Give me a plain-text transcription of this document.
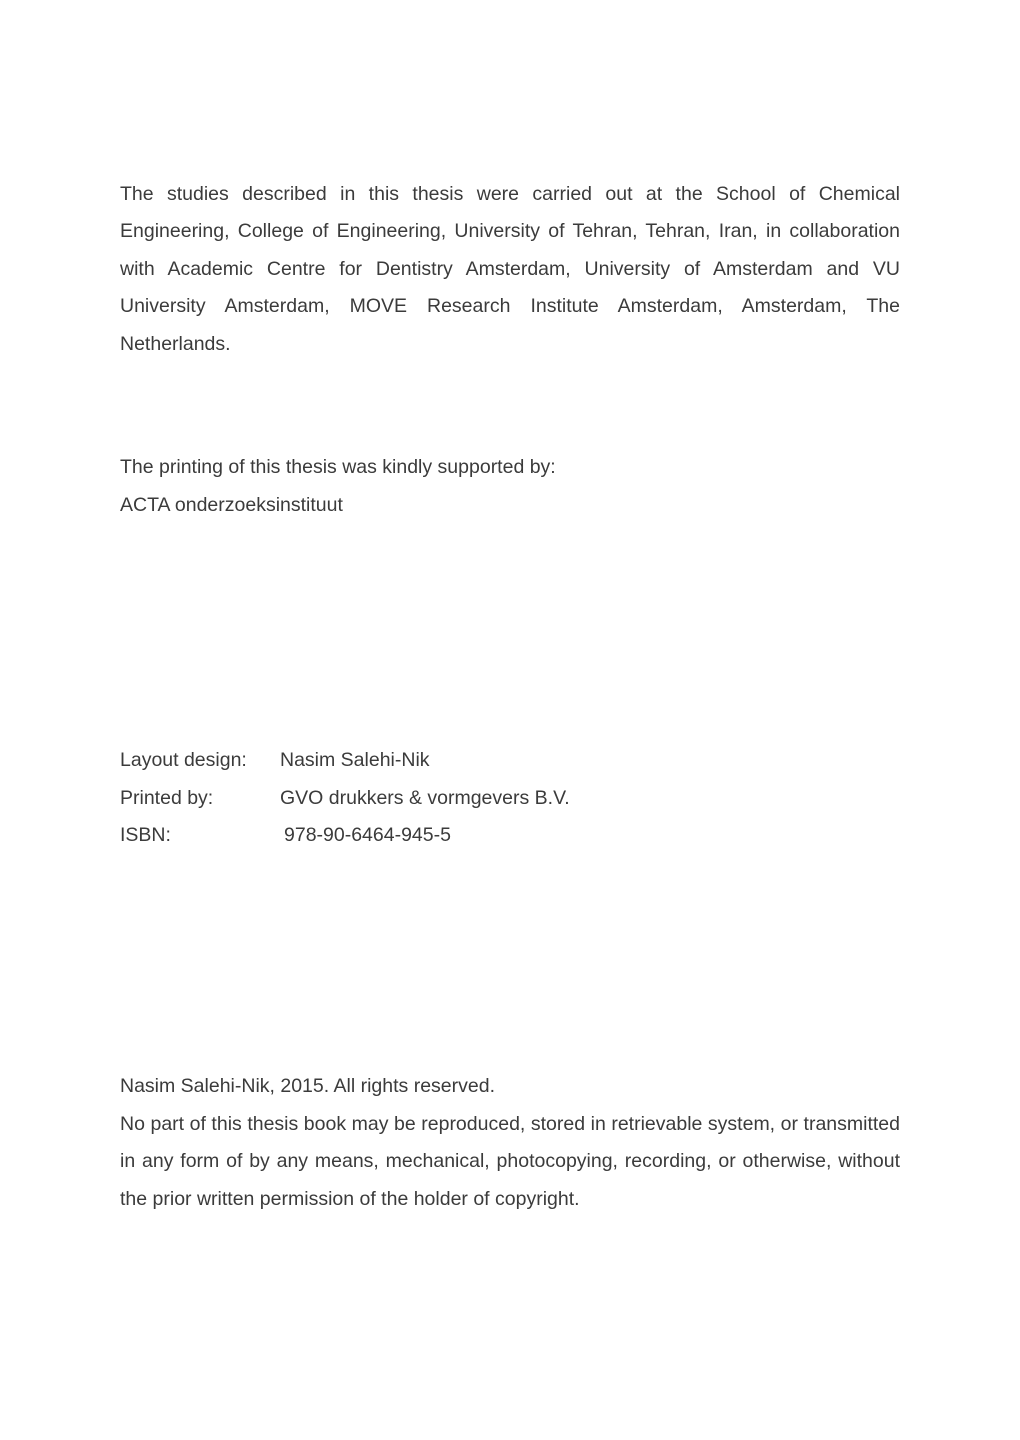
The studies described in this thesis were carried out at the School of Chemical Engineering, College of Engineering, University of Tehran, Tehran, Iran, in collaboration with Academic Centre for Dentistry Amsterdam, University of Amsterdam and VU University Amsterdam, MOVE Research Institute Amsterdam, Amsterdam, The Netherlands.

The printing of this thesis was kindly supported by:
ACTA onderzoeksinstituut
Layout design:	Nasim Salehi-Nik
Printed by:	GVO drukkers & vormgevers B.V.
ISBN:	978-90-6464-945-5
Nasim Salehi-Nik, 2015. All rights reserved.

No part of this thesis book may be reproduced, stored in retrievable system, or transmitted in any form of by any means, mechanical, photocopying, recording, or otherwise, without the prior written permission of the holder of copyright.
